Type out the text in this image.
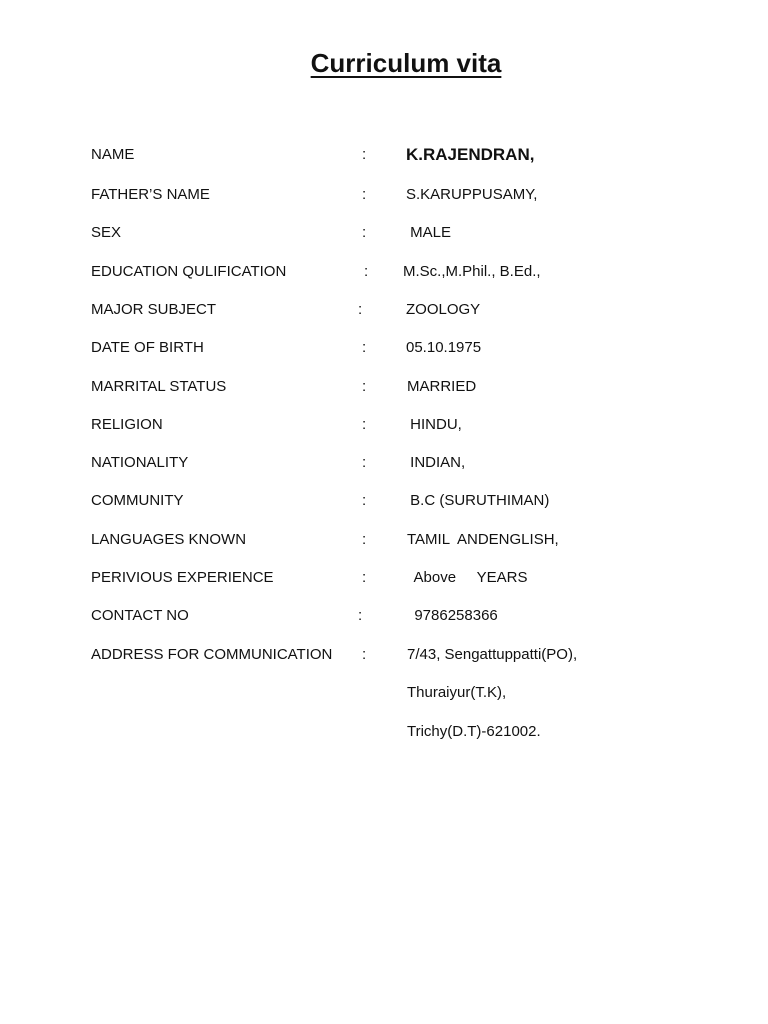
Curriculum vita
NAME	: K.RAJENDRAN,
FATHER’S NAME	:	S.KARUPPUSAMY,
SEX	:	MALE
EDUCATION QULIFICATION	: M.Sc.,M.Phil., B.Ed.,
MAJOR SUBJECT	:	ZOOLOGY
DATE OF BIRTH	:	05.10.1975
MARRITAL STATUS	:	MARRIED
RELIGION	:	HINDU,
NATIONALITY	:	INDIAN,
COMMUNITY	:	B.C (SURUTHIMAN)
LANGUAGES KNOWN	:	TAMIL  ANDENGLISH,
PERIVIOUS EXPERIENCE	:	Above     YEARS
CONTACT NO	:	9786258366
ADDRESS FOR COMMUNICATION :	7/43, Sengattuppatti(PO),
Thuraiyur(T.K),
Trichy(D.T)-621002.
